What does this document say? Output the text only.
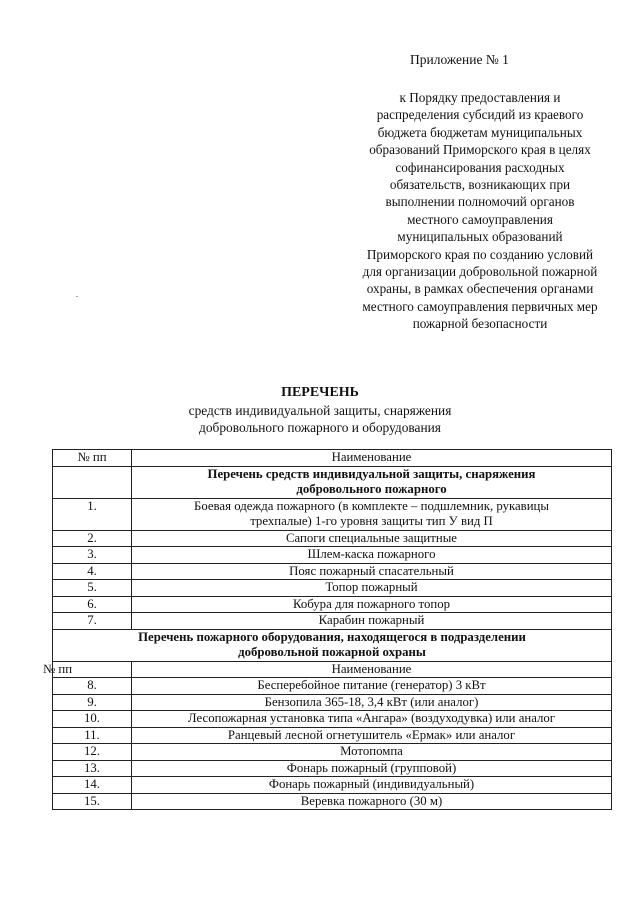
Приложение № 1
к Порядку предоставления и
распределения субсидий из краевого
бюджета бюджетам муниципальных
образований Приморского края в целях
софинансирования расходных
обязательств, возникающих при
выполнении полномочий органов
местного самоуправления
муниципальных образований
Приморского края по созданию условий
для организации добровольной пожарной
охраны, в рамках обеспечения органами
местного самоуправления первичных мер
пожарной безопасности
ПЕРЕЧЕНЬ
средств индивидуальной защиты, снаряжения
добровольного пожарного и оборудования
№ пп	Наименование

Перечень средств индивидуальной защиты, снаряжения
добровольного пожарного

1.	Боевая одежда пожарного (в комплекте – подшлемник, рукавицы
трехпалые) 1-го уровня защиты тип У вид П

2.	Сапоги специальные защитные
3.	Шлем-каска пожарного
4.	Пояс пожарный спасательный
5.	Топор пожарный
6.	Кобура для пожарного топор
7.	Карабин пожарный

Перечень пожарного оборудования, находящегося в подразделении
добровольной пожарной охраны

№ пп	Наименование
8.	Бесперебойное питание (генератор) 3 кВт
9.	Бензопила 365-18, 3,4 кВт (или аналог)
10.	Лесопожарная установка типа «Ангара» (воздуходувка) или аналог
11.	Ранцевый лесной огнетушитель «Ермак» или аналог
12.	Мотопомпа
13.	Фонарь пожарный (групповой)
14.	Фонарь пожарный (индивидуальный)
15.	Веревка пожарного (30 м)
